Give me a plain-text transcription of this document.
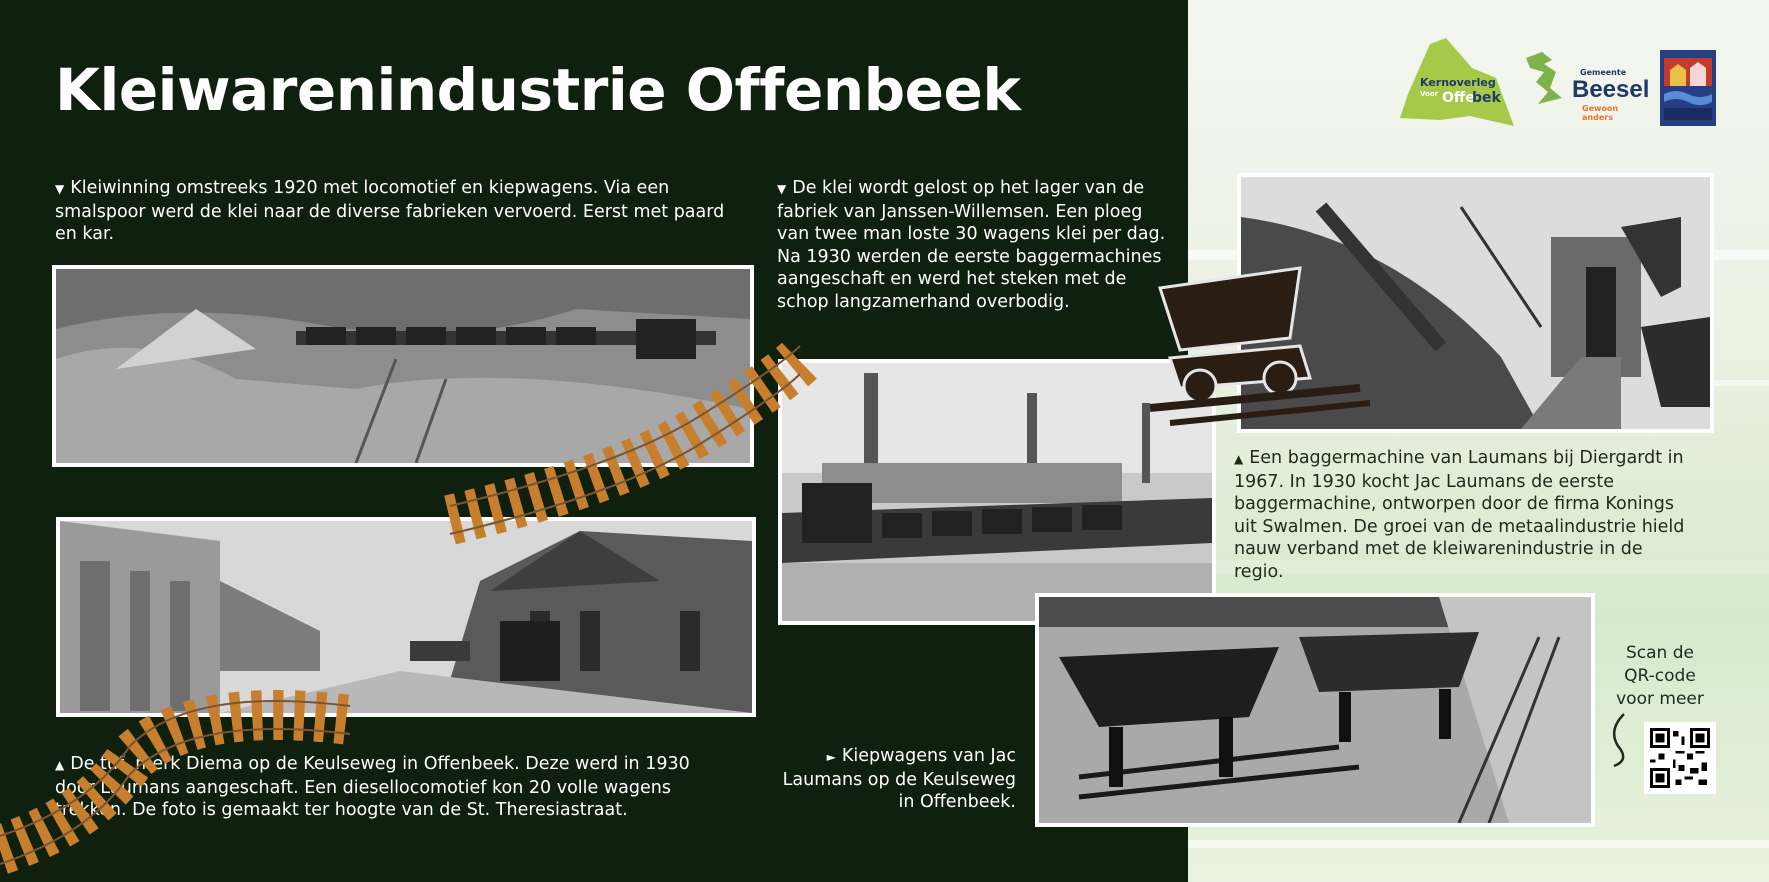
Kleiwarenindustrie Offenbeek	Kernoverleg
Voor Offe
bek
Gemeente
Beesel
Gewoon anders
▼ Kleiwinning omstreeks 1920 met locomotief en kiepwagens. Via een smalspoor werd de klei naar de diverse fabrieken vervoerd. Eerst met paard en kar.
▼ De klei wordt gelost op het lager van de fabriek van Janssen-Willemsen. Een ploeg van twee man loste 30 wagens klei per dag. Na 1930 werden de eerste baggermachines aangeschaft en werd het steken met de schop langzamerhand overbodig.
▲ Een baggermachine van Laumans bij Diergardt in 1967. In 1930 kocht Jac Laumans de eerste baggermachine, ontworpen door de firma Konings uit Swalmen. De groei van de metaalindustrie hield nauw verband met de kleiwarenindustrie in de regio.
▲ De tuf, merk Diema op de Keulseweg in Offenbeek. Deze werd in 1930 door Laumans aangeschaft. Een diesellocomotief kon 20 volle wagens trekken. De foto is gemaakt ter hoogte van de St. Theresiastraat.
► Kiepwagens van Jac Laumans op de Keulseweg in Offenbeek.
Scan de QR-code voor meer
